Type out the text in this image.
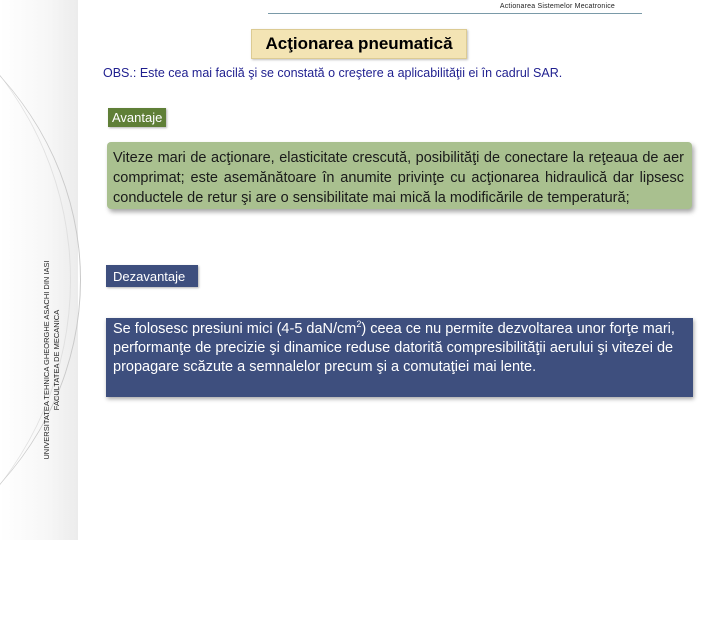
Actionarea Sistemelor Mecatronice
UNIVERSITATEA TEHNICA GHEORGHE ASACHI DIN IASI FACULTATEA DE MECANICA
Acţionarea pneumatică
OBS.: Este cea mai facilă şi se constată o creştere a aplicabilităţii ei în cadrul SAR.
Avantaje

Viteze mari de acţionare, elasticitate crescută, posibilităţi de conectare la reţeaua de aer comprimat; este asemănătoare în anumite privinţe cu acţionarea hidraulică dar lipsesc conductele de retur şi are o sensibilitate mai mică la modificările de temperatură;

Dezavantaje

Se folosesc presiuni mici (4-5 daN/$cm^2$) ceea ce nu permite dezvoltarea unor forţe mari, performanţe de precizie şi dinamice reduse datorită compresibilităţii aerului şi vitezei de propagare scăzute a semnalelor precum şi a comutaţiei mai lente.
